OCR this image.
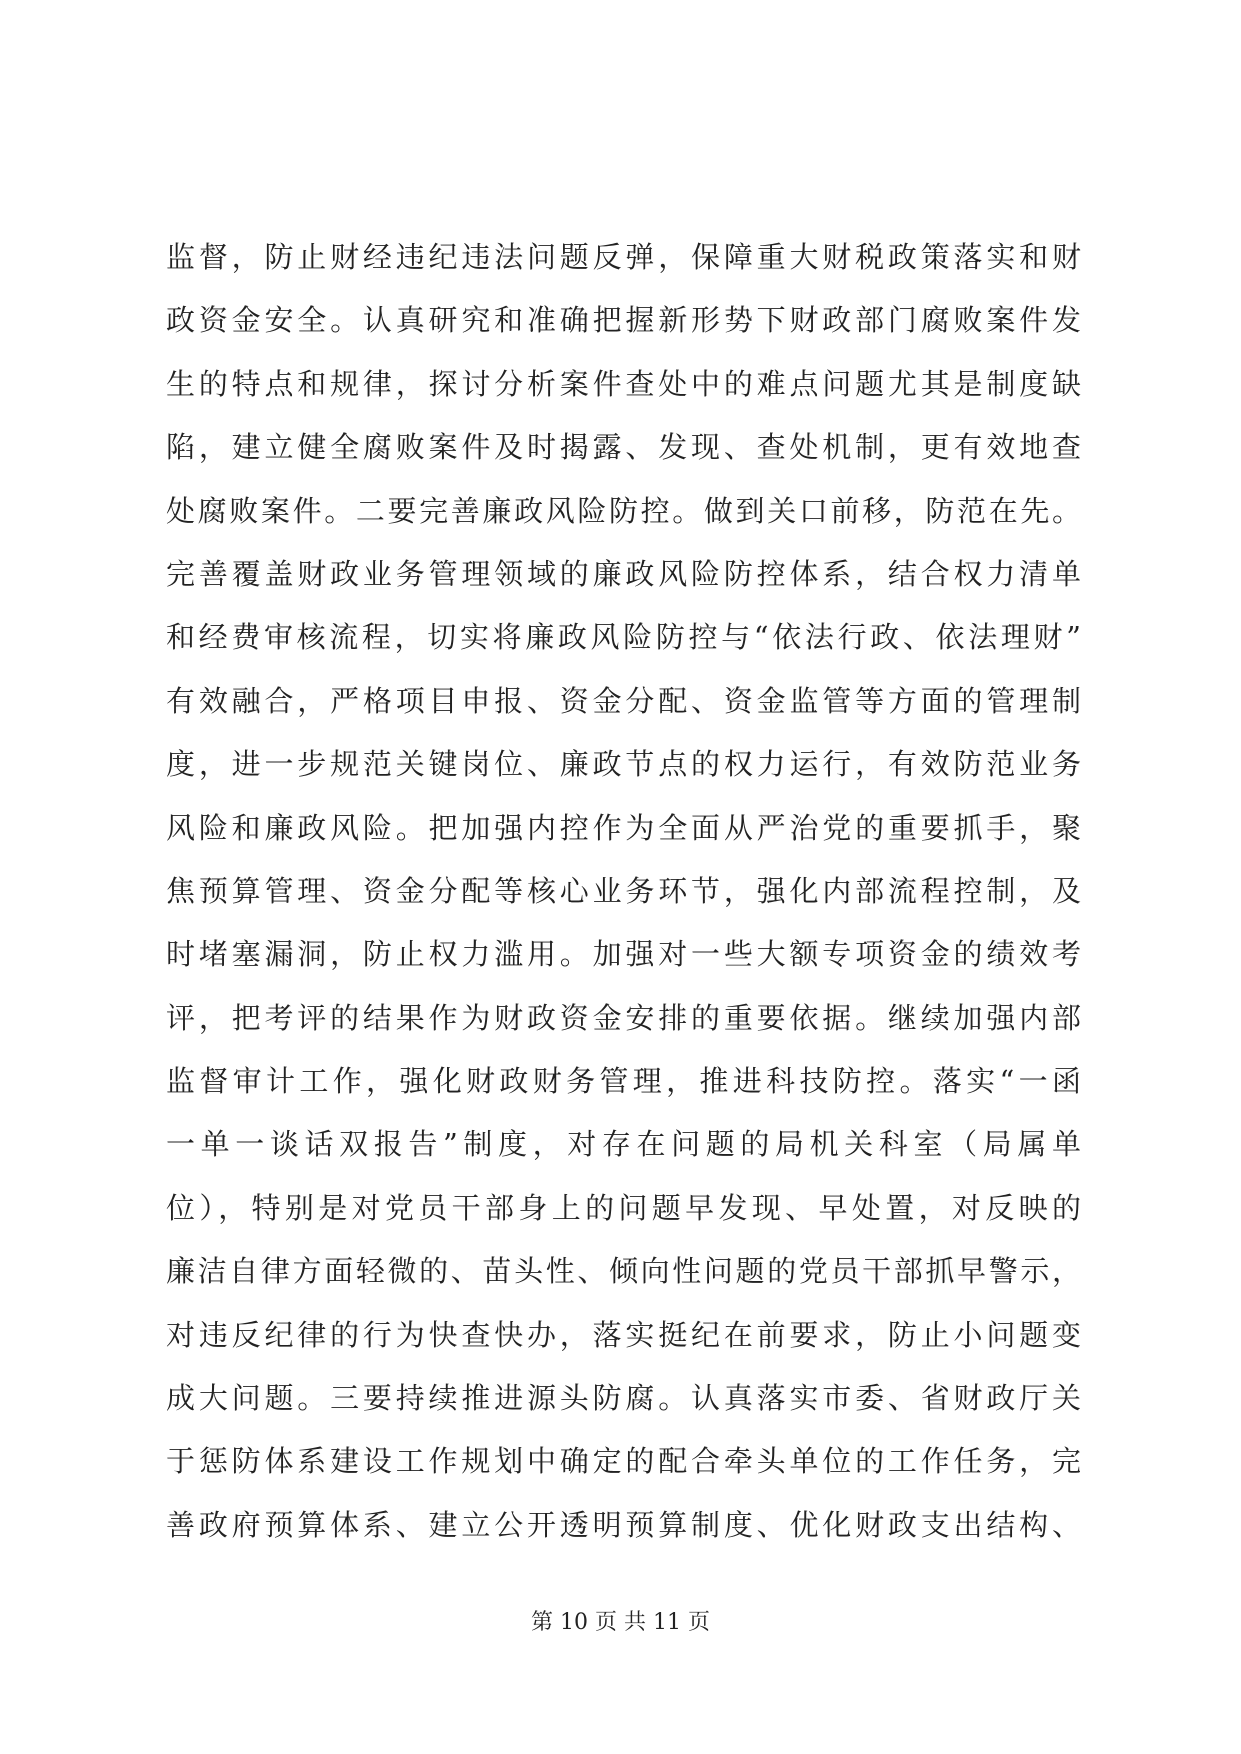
监督，防止财经违纪违法问题反弹，保障重大财税政策落实和财
政资金安全。认真研究和准确把握新形势下财政部门腐败案件发
生的特点和规律，探讨分析案件查处中的难点问题尤其是制度缺
陷，建立健全腐败案件及时揭露、发现、查处机制，更有效地查
处腐败案件。二要完善廉政风险防控。做到关口前移，防范在先。
完善覆盖财政业务管理领域的廉政风险防控体系，结合权力清单
和经费审核流程，切实将廉政风险防控与“依法行政、依法理财”
有效融合，严格项目申报、资金分配、资金监管等方面的管理制
度，进一步规范关键岗位、廉政节点的权力运行，有效防范业务
风险和廉政风险。把加强内控作为全面从严治党的重要抓手，聚
焦预算管理、资金分配等核心业务环节，强化内部流程控制，及
时堵塞漏洞，防止权力滥用。加强对一些大额专项资金的绩效考
评，把考评的结果作为财政资金安排的重要依据。继续加强内部
监督审计工作，强化财政财务管理，推进科技防控。落实“一函
一单一谈话双报告”制度，对存在问题的局机关科室（局属单
位），特别是对党员干部身上的问题早发现、早处置，对反映的
廉洁自律方面轻微的、苗头性、倾向性问题的党员干部抓早警示，
对违反纪律的行为快查快办，落实挺纪在前要求，防止小问题变
成大问题。三要持续推进源头防腐。认真落实市委、省财政厅关
于惩防体系建设工作规划中确定的配合牵头单位的工作任务，完
善政府预算体系、建立公开透明预算制度、优化财政支出结构、
第 10 页 共 11 页
